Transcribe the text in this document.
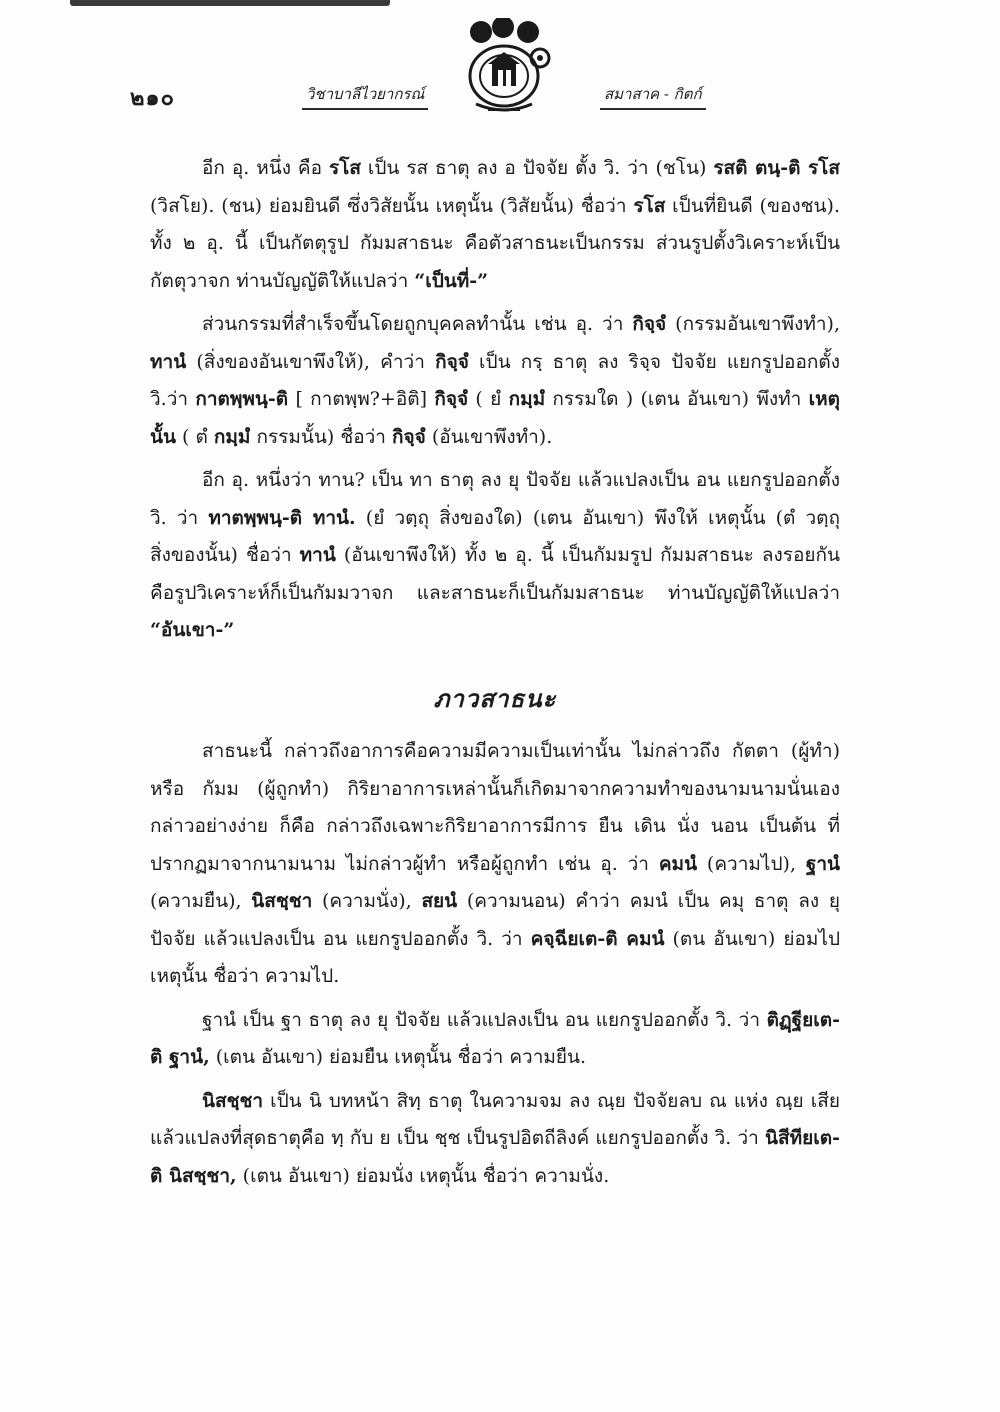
๒๑๐	วิชาบาลีไวยากรณ์	สมาสาค - กิตก์

อีก อุ. หนึ่ง คือ รโส เป็น รส ธาตุ ลง อ ปัจจัย ตั้ง วิ. ว่า (ชโน) รสติ ตนฺ-ติ รโส (วิสโย). (ชน) ย่อมยินดี ซึ่งวิสัยนั้น เหตุนั้น (วิสัยนั้น) ชื่อว่า รโส เป็นที่ยินดี (ของชน). ทั้ง ๒ อุ. นี้ เป็นกัตตุรูป กัมมสาธนะ คือตัวสาธนะเป็นกรรม ส่วนรูปตั้งวิเคราะห์เป็นกัตตุวาจก ท่านบัญญัติให้แปลว่า “เป็นที่-”

ส่วนกรรมที่สำเร็จขึ้นโดยถูกบุคคลทำนั้น เช่น อุ. ว่า กิจฺจํ (กรรมอันเขาพึงทำ), ทานํ (สิ่งของอันเขาพึงให้), คำว่า กิจฺจํ เป็น กรฺ ธาตุ ลง ริจฺจ ปัจจัย แยกรูปออกตั้ง วิ.ว่า กาตพฺพนฺ-ติ [ กาตพฺพ?+อิติ] กิจฺจํ ( ยํ กมฺมํ กรรมใด ) (เตน อันเขา) พึงทำ เหตุนั้น ( ตํ กมฺมํ กรรมนั้น) ชื่อว่า กิจฺจํ (อันเขาพึงทำ).

อีก อุ. หนึ่งว่า ทาน? เป็น ทา ธาตุ ลง ยุ ปัจจัย แล้วแปลงเป็น อน แยกรูปออกตั้ง วิ. ว่า ทาตพฺพนฺ-ติ ทานํ. (ยํ วตฺถุ สิ่งของใด) (เตน อันเขา) พึงให้ เหตุนั้น (ตํ วตฺถุ สิ่งของนั้น) ชื่อว่า ทานํ (อันเขาพึงให้) ทั้ง ๒ อุ. นี้ เป็นกัมมรูป กัมมสาธนะ ลงรอยกันคือรูปวิเคราะห์ก็เป็นกัมมวาจก และสาธนะก็เป็นกัมมสาธนะ ท่านบัญญัติให้แปลว่า “อันเขา-”

ภาวสาธนะ

สาธนะนี้ กล่าวถึงอาการคือความมีความเป็นเท่านั้น ไม่กล่าวถึง กัตตา (ผู้ทำ) หรือ กัมม (ผู้ถูกทำ) กิริยาอาการเหล่านั้นก็เกิดมาจากความทำของนามนามนั่นเอง กล่าวอย่างง่าย ก็คือ กล่าวถึงเฉพาะกิริยาอาการมีการ ยืน เดิน นั่ง นอน เป็นต้น ที่ปรากฏมาจากนามนาม ไม่กล่าวผู้ทำ หรือผู้ถูกทำ เช่น อุ. ว่า คมนํ (ความไป), ฐานํ (ความยืน), นิสชฺชา (ความนั่ง), สยนํ (ความนอน) คำว่า คมนํ เป็น คมุ ธาตุ ลง ยุ ปัจจัย แล้วแปลงเป็น อน แยกรูปออกตั้ง วิ. ว่า คจฺฉียเต-ติ คมนํ (ตน อันเขา) ย่อมไป เหตุนั้น ชื่อว่า ความไป.

ฐานํ เป็น ฐา ธาตุ ลง ยุ ปัจจัย แล้วแปลงเป็น อน แยกรูปออกตั้ง วิ. ว่า ติฏฺฐียเต-ติ ฐานํ, (เตน อันเขา) ย่อมยืน เหตุนั้น ชื่อว่า ความยืน.

นิสชฺชา เป็น นิ บทหน้า สิทฺ ธาตุ ในความจม ลง ณฺย ปัจจัยลบ ณ แห่ง ณฺย เสียแล้วแปลงที่สุดธาตุคือ ทฺ กับ ย เป็น ชฺช เป็นรูปอิตถีลิงค์ แยกรูปออกตั้ง วิ. ว่า นิสีทียเต-ติ นิสชฺชา, (เตน อันเขา) ย่อมนั่ง เหตุนั้น ชื่อว่า ความนั่ง.
